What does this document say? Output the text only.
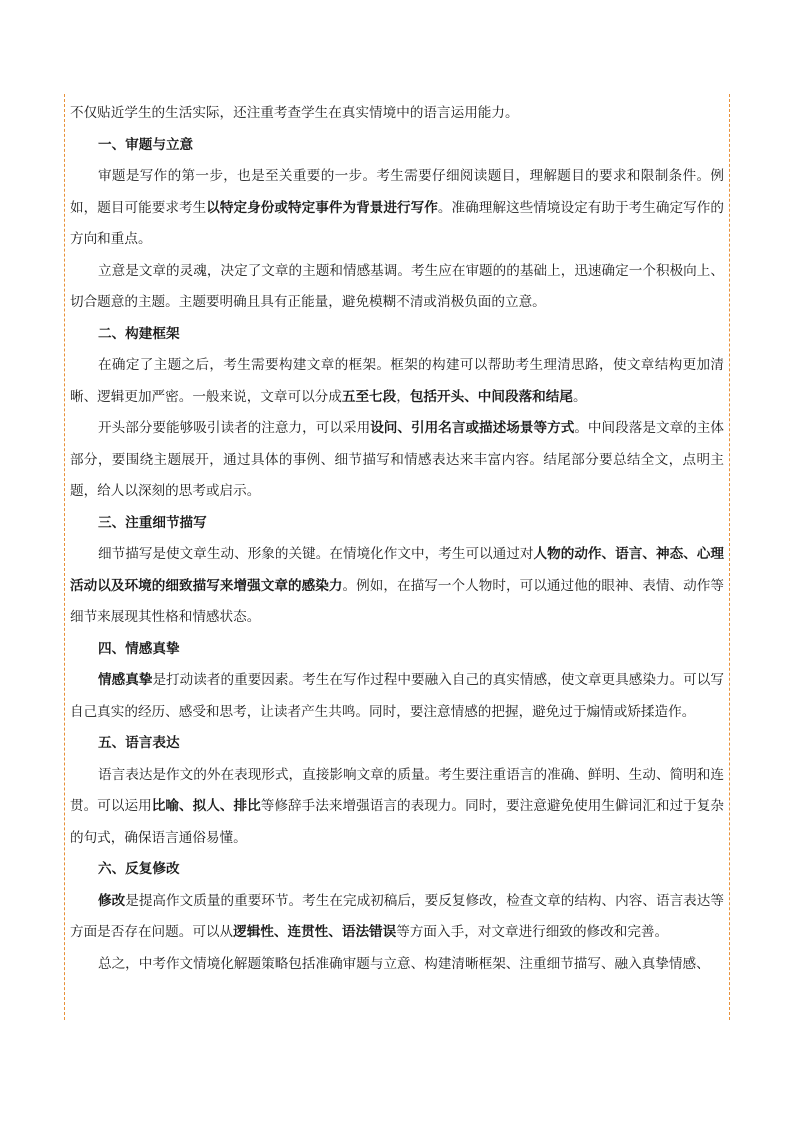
不仅贴近学生的生活实际，还注重考查学生在真实情境中的语言运用能力。

一、审题与立意

审题是写作的第一步，也是至关重要的一步。考生需要仔细阅读题目，理解题目的要求和限制条件。例如，题目可能要求考生以特定身份或特定事件为背景进行写作。准确理解这些情境设定有助于考生确定写作的方向和重点。

立意是文章的灵魂，决定了文章的主题和情感基调。考生应在审题的的基础上，迅速确定一个积极向上、切合题意的主题。主题要明确且具有正能量，避免模糊不清或消极负面的立意。

二、构建框架

在确定了主题之后，考生需要构建文章的框架。框架的构建可以帮助考生理清思路，使文章结构更加清晰、逻辑更加严密。一般来说，文章可以分成五至七段，包括开头、中间段落和结尾。

开头部分要能够吸引读者的注意力，可以采用设问、引用名言或描述场景等方式。中间段落是文章的主体部分，要围绕主题展开，通过具体的事例、细节描写和情感表达来丰富内容。结尾部分要总结全文，点明主题，给人以深刻的思考或启示。

三、注重细节描写

细节描写是使文章生动、形象的关键。在情境化作文中，考生可以通过对人物的动作、语言、神态、心理活动以及环境的细致描写来增强文章的感染力。例如，在描写一个人物时，可以通过他的眼神、表情、动作等细节来展现其性格和情感状态。

四、情感真挚

情感真挚是打动读者的重要因素。考生在写作过程中要融入自己的真实情感，使文章更具感染力。可以写自己真实的经历、感受和思考，让读者产生共鸣。同时，要注意情感的把握，避免过于煽情或矫揉造作。

五、语言表达

语言表达是作文的外在表现形式，直接影响文章的质量。考生要注重语言的准确、鲜明、生动、简明和连贯。可以运用比喻、拟人、排比等修辞手法来增强语言的表现力。同时，要注意避免使用生僻词汇和过于复杂的句式，确保语言通俗易懂。

六、反复修改

修改是提高作文质量的重要环节。考生在完成初稿后，要反复修改，检查文章的结构、内容、语言表达等方面是否存在问题。可以从逻辑性、连贯性、语法错误等方面入手，对文章进行细致的修改和完善。

总之，中考作文情境化解题策略包括准确审题与立意、构建清晰框架、注重细节描写、融入真挚情感、
